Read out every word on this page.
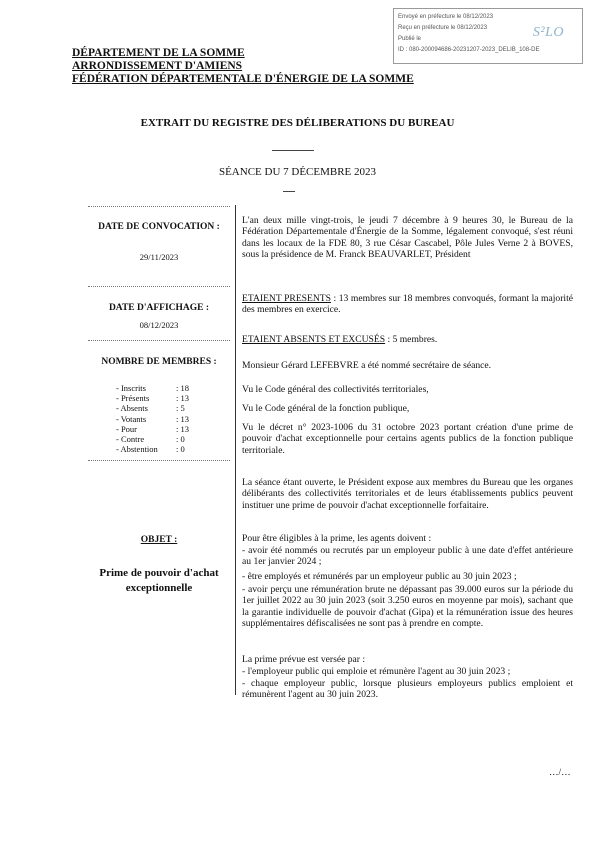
Envoyé en préfecture le 08/12/2023
Reçu en préfecture le 08/12/2023
Publié le
ID : 080-200094686-20231207-2023_DELIB_108-DE
S²LO
DÉPARTEMENT DE LA SOMME
ARRONDISSEMENT D'AMIENS
FÉDÉRATION DÉPARTEMENTALE D'ÉNERGIE DE LA SOMME
EXTRAIT DU REGISTRE DES DÉLIBERATIONS DU BUREAU
SÉANCE DU 7 DÉCEMBRE 2023
DATE DE CONVOCATION :
29/11/2023
DATE D'AFFICHAGE :
08/12/2023
NOMBRE DE MEMBRES :
- Inscrits	: 18
- Présents	: 13
- Absents	: 5
- Votants	: 13
- Pour	: 13
- Contre	: 0
- Abstention	: 0
OBJET :
Prime de pouvoir d'achat
exceptionnelle
L'an deux mille vingt-trois, le jeudi 7 décembre à 9 heures 30, le Bureau de la Fédération Départementale d'Énergie de la Somme, légalement convoqué, s'est réuni dans les locaux de la FDE 80, 3 rue César Cascabel, Pôle Jules Verne 2 à BOVES, sous la présidence de M. Franck BEAUVARLET, Président
ETAIENT PRESENTS : 13 membres sur 18 membres convoqués, formant la majorité des membres en exercice.
ETAIENT ABSENTS ET EXCUSÉS : 5 membres.
Monsieur Gérard LEFEBVRE a été nommé secrétaire de séance.
Vu le Code général des collectivités territoriales,
Vu le Code général de la fonction publique,
Vu le décret n° 2023-1006 du 31 octobre 2023 portant création d'une prime de pouvoir d'achat exceptionnelle pour certains agents publics de la fonction publique territoriale.
La séance étant ouverte, le Président expose aux membres du Bureau que les organes délibérants des collectivités territoriales et de leurs établissements publics peuvent instituer une prime de pouvoir d'achat exceptionnelle forfaitaire.
Pour être éligibles à la prime, les agents doivent :
- avoir été nommés ou recrutés par un employeur public à une date d'effet antérieure au 1er janvier 2024 ;
- être employés et rémunérés par un employeur public au 30 juin 2023 ;
- avoir perçu une rémunération brute ne dépassant pas 39.000 euros sur la période du 1er juillet 2022 au 30 juin 2023 (soit 3.250 euros en moyenne par mois), sachant que la garantie individuelle de pouvoir d'achat (Gipa) et la rémunération issue des heures supplémentaires défiscalisées ne sont pas à prendre en compte.
La prime prévue est versée par :
- l'employeur public qui emploie et rémunère l'agent au 30 juin 2023 ;
- chaque employeur public, lorsque plusieurs employeurs publics emploient et rémunèrent l'agent au 30 juin 2023.
…/…
